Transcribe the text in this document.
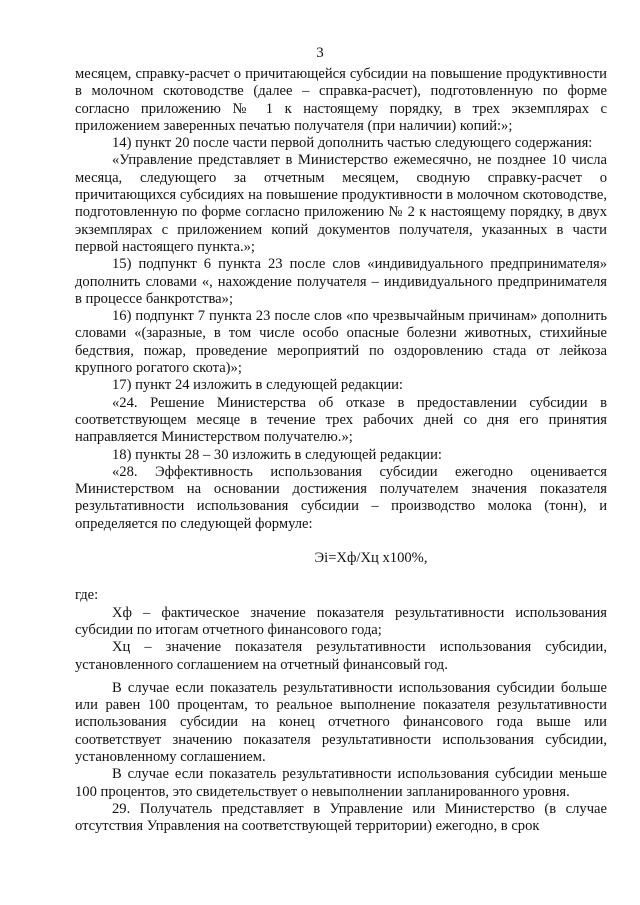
3

месяцем, справку-расчет о причитающейся субсидии на повышение продуктивности в молочном скотоводстве (далее – справка-расчет), подготовленную по форме согласно приложению № 1 к настоящему порядку, в трех экземплярах с приложением заверенных печатью получателя (при наличии) копий:»;

14) пункт 20 после части первой дополнить частью следующего содержания:

«Управление представляет в Министерство ежемесячно, не позднее 10 числа месяца, следующего за отчетным месяцем, сводную справку-расчет о причитающихся субсидиях на повышение продуктивности в молочном скотоводстве, подготовленную по форме согласно приложению № 2 к настоящему порядку, в двух экземплярах с приложением копий документов получателя, указанных в части первой настоящего пункта.»;

15) подпункт 6 пункта 23 после слов «индивидуального предпринимателя» дополнить словами «, нахождение получателя – индивидуального предпринимателя в процессе банкротства»;

16) подпункт 7 пункта 23 после слов «по чрезвычайным причинам» дополнить словами «(заразные, в том числе особо опасные болезни животных, стихийные бедствия, пожар, проведение мероприятий по оздоровлению стада от лейкоза крупного рогатого скота)»;

17) пункт 24 изложить в следующей редакции:

«24. Решение Министерства об отказе в предоставлении субсидии в соответствующем месяце в течение трех рабочих дней со дня его принятия направляется Министерством получателю.»;

18) пункты 28 – 30 изложить в следующей редакции:

«28. Эффективность использования субсидии ежегодно оценивается Министерством на основании достижения получателем значения показателя результативности использования субсидии – производство молока (тонн), и определяется по следующей формуле:

Эi=Хф/Хц х100%,

где:

Хф – фактическое значение показателя результативности использования субсидии по итогам отчетного финансового года;

Хц – значение показателя результативности использования субсидии, установленного соглашением на отчетный финансовый год.

В случае если показатель результативности использования субсидии больше или равен 100 процентам, то реальное выполнение показателя результативности использования субсидии на конец отчетного финансового года выше или соответствует значению показателя результативности использования субсидии, установленному соглашением.

В случае если показатель результативности использования субсидии меньше 100 процентов, это свидетельствует о невыполнении запланированного уровня.

29. Получатель представляет в Управление или Министерство (в случае отсутствия Управления на соответствующей территории) ежегодно, в срок
